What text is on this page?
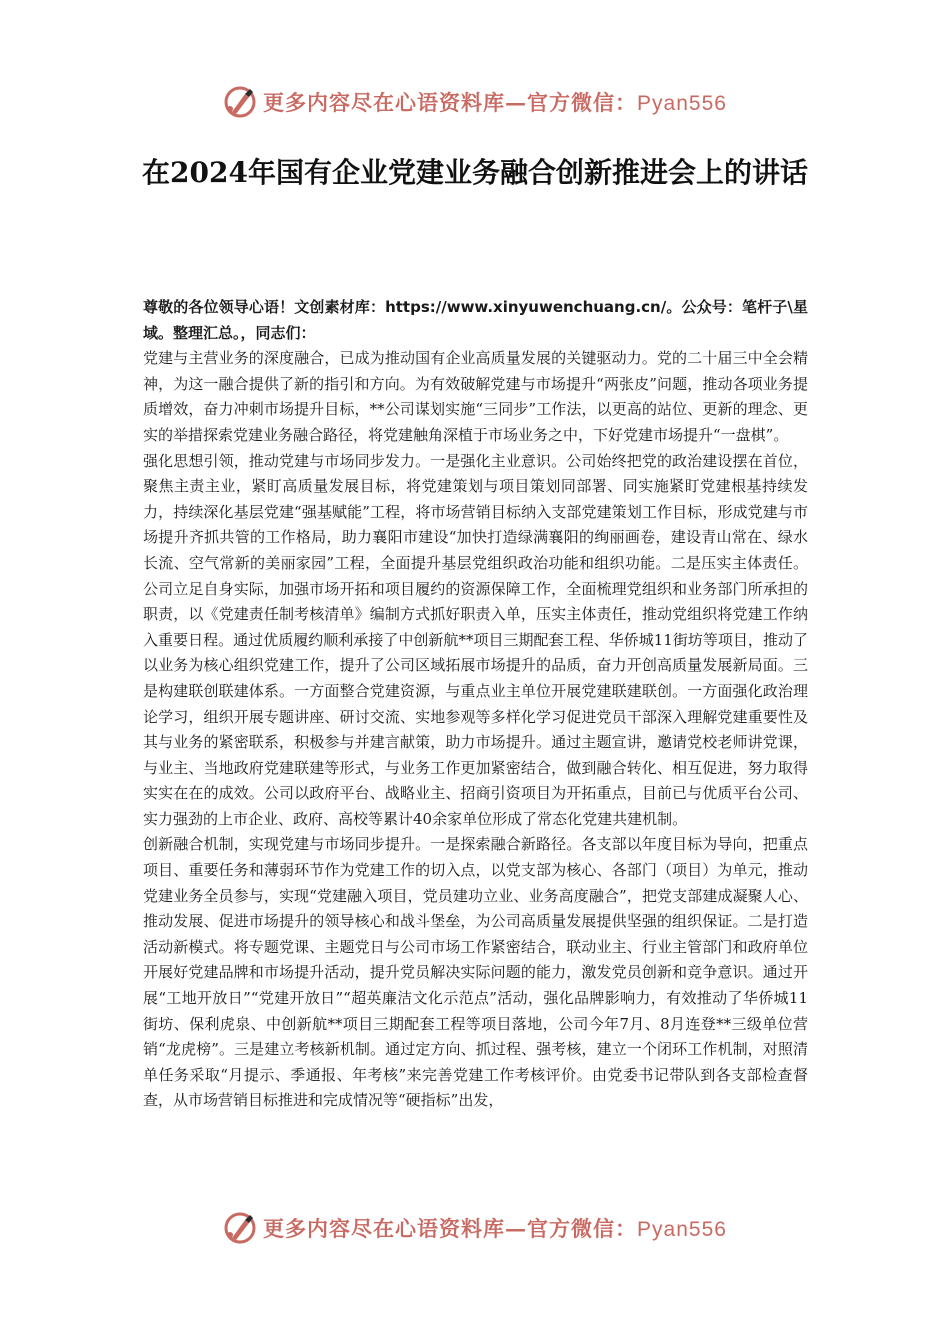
更多内容尽在心语资料库—官方微信：Pyan556
在2024年国有企业党建业务融合创新推进会上的讲话

尊敬的各位领导心语！文创素材库：https://www.xinyuwenchuang.cn/。公众号：笔杆子\星域。整理汇总。，同志们：

党建与主营业务的深度融合，已成为推动国有企业高质量发展的关键驱动力。党的二十届三中全会精神，为这一融合提供了新的指引和方向。为有效破解党建与市场提升“两张皮”问题，推动各项业务提质增效，奋力冲刺市场提升目标，**公司谋划实施“三同步”工作法，以更高的站位、更新的理念、更实的举措探索党建业务融合路径，将党建触角深植于市场业务之中，下好党建市场提升“一盘棋”。

强化思想引领，推动党建与市场同步发力。一是强化主业意识。公司始终把党的政治建设摆在首位，聚焦主责主业，紧盯高质量发展目标，将党建策划与项目策划同部署、同实施紧盯党建根基持续发力，持续深化基层党建“强基赋能”工程，将市场营销目标纳入支部党建策划工作目标，形成党建与市场提升齐抓共管的工作格局，助力襄阳市建设“加快打造绿满襄阳的绚丽画卷，建设青山常在、绿水长流、空气常新的美丽家园”工程，全面提升基层党组织政治功能和组织功能。二是压实主体责任。公司立足自身实际，加强市场开拓和项目履约的资源保障工作，全面梳理党组织和业务部门所承担的职责，以《党建责任制考核清单》编制方式抓好职责入单，压实主体责任，推动党组织将党建工作纳入重要日程。通过优质履约顺利承接了中创新航**项目三期配套工程、华侨城11街坊等项目，推动了以业务为核心组织党建工作，提升了公司区域拓展市场提升的品质，奋力开创高质量发展新局面。三是构建联创联建体系。一方面整合党建资源，与重点业主单位开展党建联建联创。一方面强化政治理论学习，组织开展专题讲座、研讨交流、实地参观等多样化学习促进党员干部深入理解党建重要性及其与业务的紧密联系，积极参与并建言献策，助力市场提升。通过主题宣讲，邀请党校老师讲党课，与业主、当地政府党建联建等形式，与业务工作更加紧密结合，做到融合转化、相互促进，努力取得实实在在的成效。公司以政府平台、战略业主、招商引资项目为开拓重点，目前已与优质平台公司、实力强劲的上市企业、政府、高校等累计40余家单位形成了常态化党建共建机制。

创新融合机制，实现党建与市场同步提升。一是探索融合新路径。各支部以年度目标为导向，把重点项目、重要任务和薄弱环节作为党建工作的切入点，以党支部为核心、各部门（项目）为单元，推动党建业务全员参与，实现“党建融入项目，党员建功立业、业务高度融合”，把党支部建成凝聚人心、推动发展、促进市场提升的领导核心和战斗堡垒，为公司高质量发展提供坚强的组织保证。二是打造活动新模式。将专题党课、主题党日与公司市场工作紧密结合，联动业主、行业主管部门和政府单位开展好党建品牌和市场提升活动，提升党员解决实际问题的能力，激发党员创新和竞争意识。通过开展“工地开放日”“党建开放日”“超英廉洁文化示范点”活动，强化品牌影响力，有效推动了华侨城11街坊、保利虎泉、中创新航**项目三期配套工程等项目落地，公司今年7月、8月连登**三级单位营销“龙虎榜”。三是建立考核新机制。通过定方向、抓过程、强考核，建立一个闭环工作机制，对照清单任务采取“月提示、季通报、年考核”来完善党建工作考核评价。由党委书记带队到各支部检查督查，从市场营销目标推进和完成情况等“硬指标”出发，

更多内容尽在心语资料库—官方微信：Pyan556
